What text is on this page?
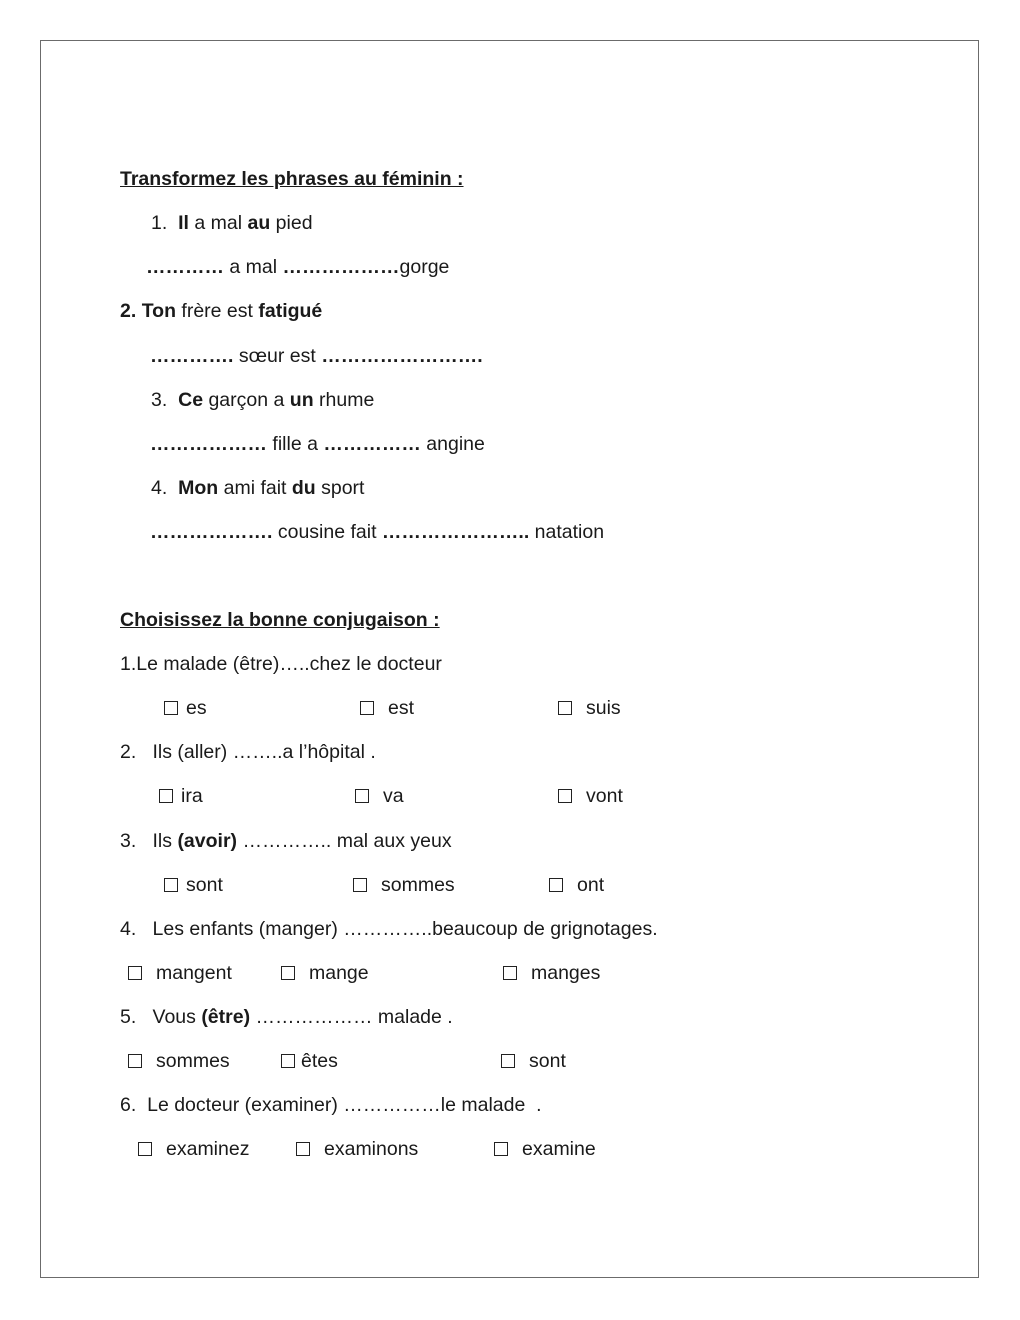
Transformez les phrases au féminin :
1. Il a mal au pied
………… a mal ………………gorge
2. Ton frère est fatigué
…………. sœur est …………………….
3. Ce garçon a un rhume
……………… fille a …………… angine
4. Mon ami fait du sport
………………. cousine fait ………………….. natation
Choisissez la bonne conjugaison :
1.Le malade (être)…..chez le docteur
es	est	suis
2.   Ils (aller) ……..a l’hôpital .
ira	va	vont
3.   Ils (avoir) ………….. mal aux yeux
sont	sommes	ont
4.   Les enfants (manger) …………..beaucoup de grignotages.
mangent	mange	manges
5.   Vous (être) ……………… malade .
sommes	êtes	sont
6.  Le docteur (examiner) ……………le malade  .
examinez	examinons	examine
